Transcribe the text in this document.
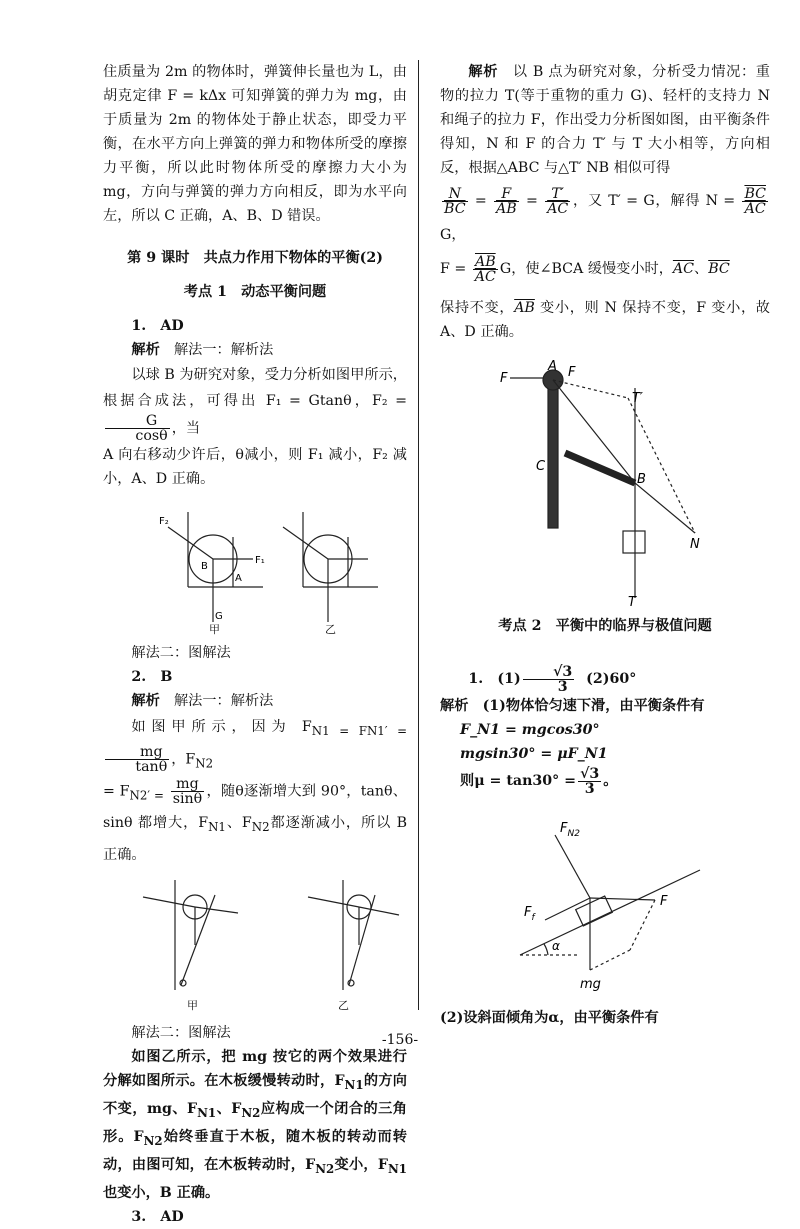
住质量为 2m 的物体时，弹簧伸长量也为 L，由胡克定律 F = kΔx 可知弹簧的弹力为 mg，由于质量为 2m 的物体处于静止状态，即受力平衡，在水平方向上弹簧的弹力和物体所受的摩擦力平衡，所以此时物体所受的摩擦力大小为 mg，方向与弹簧的弹力方向相反，即为水平向左，所以 C 正确，A、B、D 错误。

第 9 课时　共点力作用下物体的平衡(2)
考点 1　动态平衡问题

1.　AD

解析　 解法一：解析法

以球 B 为研究对象，受力分析如图甲所示，根据合成法，可得出 F₁ = Gtanθ，F₂ =
$\frac{G}{\cos\theta}$ ，当

A 向右移动少许后，θ减小，则 F₁ 减小，F₂ 减小，A、D 正确。

F₂
F₁
B
A
G
甲	乙

解法二：图解法

2.　B

解析　 解法一：解析法

如图甲所示，因为 $F_{N1 = FN1' =}$
$\frac{mg}{\tan\theta}$ ，$F_{N2}$

= $F_{N2' =} \frac{mg}{\sin\theta}$ ，随θ逐渐增大到 90°，tanθ、sinθ 都增大，$F_{N1}$、$F_{N2}$都逐渐减小，所以 B 正确。

甲	乙

解法二：图解法

如图乙所示，把 mg 按它的两个效果进行分解如图所示。在木板缓慢转动时，$F_{N1}$的方向不变，mg、$F_{N1}$、$F_{N2}$应构成一个闭合的三角形。$F_{N2}$始终垂直于木板，随木板的转动而转动，由图可知，在木板转动时，$F_{N2}$变小，$F_{N1}$也变小，B 正确。

3.　AD

解析　 以 B 点为研究对象，分析受力情况：重物的拉力 T(等于重物的重力 G)、轻杆的支持力 N 和绳子的拉力 F，作出受力分析图如图，由平衡条件得知，N 和 F 的合力 T′ 与 T 大小相等，方向相反，根据△ABC 与△T′ NB 相似可得

$\frac{N}{BC} = \frac{F}{AB} = \frac{T'}{AC}$ ，又 T′ = G，解得 $N = \frac{\overline{BC}}{AC}$
G，

$F = \frac{\overline{AB}}{AC}$ G，使∠BCA 缓慢变小时，$\overline{AC}$、$\overline{BC}$

保持不变，$\overline{AB}$ 变小，则 N 保持不变，F 变小，故 A、D 正确。

F
A F
T′
C
B
N
T
考点 2　平衡中的临界与极值问题

1.　$(1) \frac{√3}{3} (2)60^\circ$

解析　 (1)物体恰匀速下滑，由平衡条件有

F_N1 = mgcos30°

mgsin30° = μF_N1

则$\mu = \tan 30^\circ = \frac{√3}{3}$ 。

$F_{N2}$
F
$F_f$
α
mg

(2)设斜面倾角为α，由平衡条件有

-156-
